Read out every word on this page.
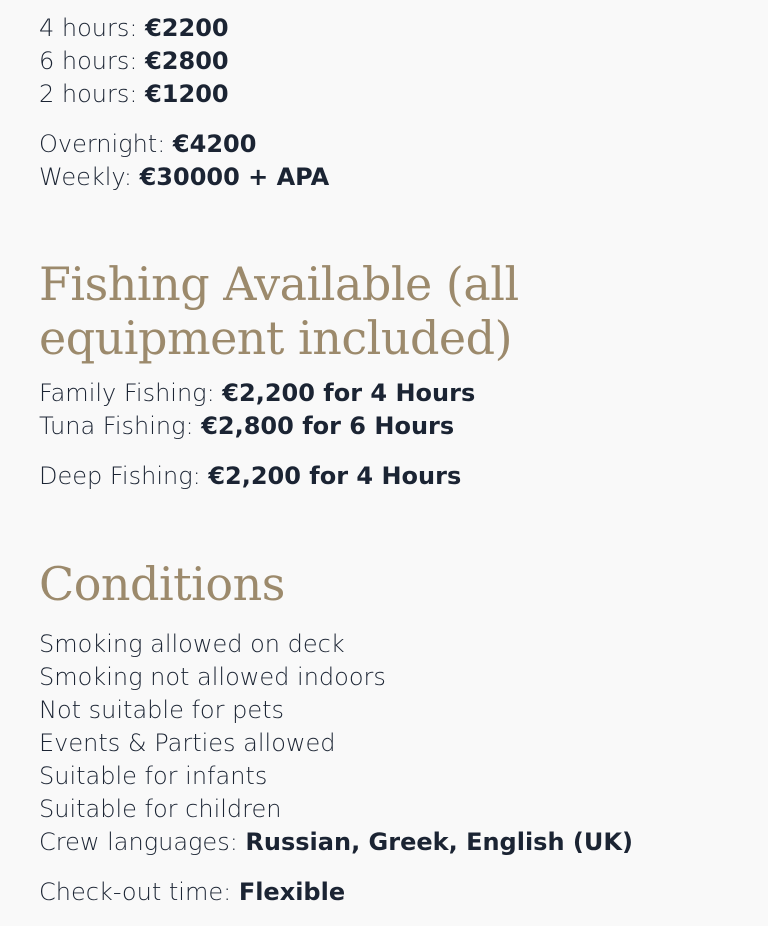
4 hours: €2200
6 hours: €2800
2 hours: €1200
Overnight: €4200
Weekly: €30000 + APA
Fishing Available (all equipment included)
Family Fishing: €2,200 for 4 Hours
Tuna Fishing: €2,800 for 6 Hours
Deep Fishing: €2,200 for 4 Hours
Conditions
Smoking allowed on deck
Smoking not allowed indoors
Not suitable for pets
Events & Parties allowed
Suitable for infants
Suitable for children
Crew languages: Russian, Greek, English (UK)
Check-out time: Flexible
